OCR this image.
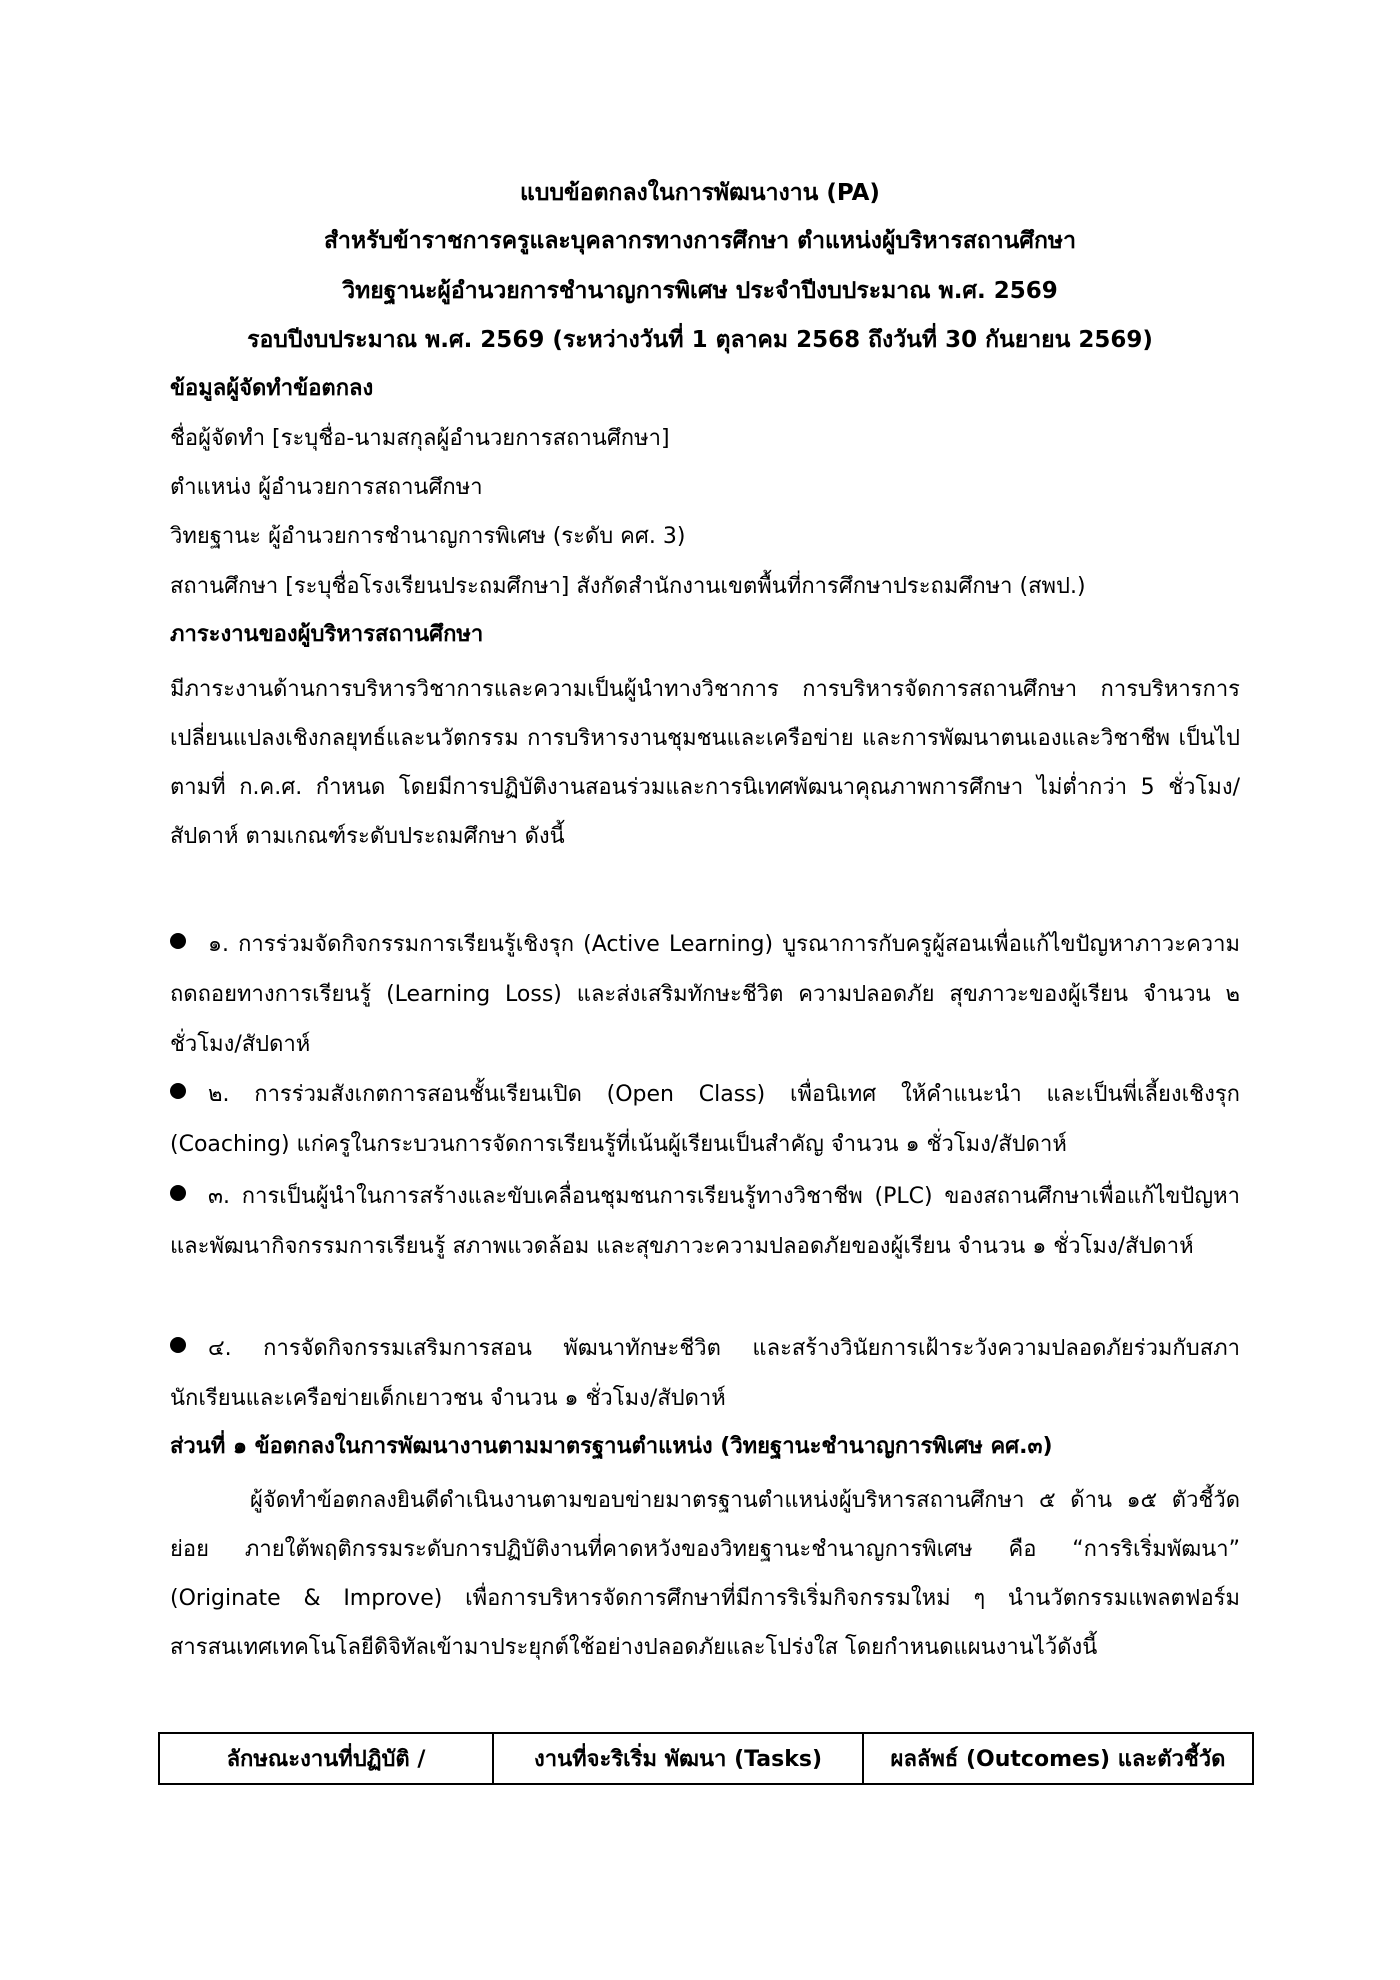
แบบข้อตกลงในการพัฒนางาน (PA)
สำหรับข้าราชการครูและบุคลากรทางการศึกษา ตำแหน่งผู้บริหารสถานศึกษา
วิทยฐานะผู้อำนวยการชำนาญการพิเศษ ประจำปีงบประมาณ พ.ศ. 2569
รอบปีงบประมาณ พ.ศ. 2569 (ระหว่างวันที่ 1 ตุลาคม 2568 ถึงวันที่ 30 กันยายน 2569)
ข้อมูลผู้จัดทำข้อตกลง
ชื่อผู้จัดทำ [ระบุชื่อ-นามสกุลผู้อำนวยการสถานศึกษา]
ตำแหน่ง ผู้อำนวยการสถานศึกษา
วิทยฐานะ ผู้อำนวยการชำนาญการพิเศษ (ระดับ คศ. 3)
สถานศึกษา [ระบุชื่อโรงเรียนประถมศึกษา] สังกัดสำนักงานเขตพื้นที่การศึกษาประถมศึกษา (สพป.)
ภาระงานของผู้บริหารสถานศึกษา
มีภาระงานด้านการบริหารวิชาการและความเป็นผู้นำทางวิชาการ การบริหารจัดการสถานศึกษา การบริหารการเปลี่ยนแปลงเชิงกลยุทธ์และนวัตกรรม การบริหารงานชุมชนและเครือข่าย และการพัฒนาตนเองและวิชาชีพ เป็นไปตามที่ ก.ค.ศ. กำหนด โดยมีการปฏิบัติงานสอนร่วมและการนิเทศพัฒนาคุณภาพการศึกษา ไม่ต่ำกว่า 5 ชั่วโมง/สัปดาห์ ตามเกณฑ์ระดับประถมศึกษา ดังนี้
๑. การร่วมจัดกิจกรรมการเรียนรู้เชิงรุก (Active Learning) บูรณาการกับครูผู้สอนเพื่อแก้ไขปัญหาภาวะความถดถอยทางการเรียนรู้ (Learning Loss) และส่งเสริมทักษะชีวิต ความปลอดภัย สุขภาวะของผู้เรียน จำนวน ๒ ชั่วโมง/สัปดาห์
๒. การร่วมสังเกตการสอนชั้นเรียนเปิด (Open Class) เพื่อนิเทศ ให้คำแนะนำ และเป็นพี่เลี้ยงเชิงรุก (Coaching) แก่ครูในกระบวนการจัดการเรียนรู้ที่เน้นผู้เรียนเป็นสำคัญ จำนวน ๑ ชั่วโมง/สัปดาห์
๓. การเป็นผู้นำในการสร้างและขับเคลื่อนชุมชนการเรียนรู้ทางวิชาชีพ (PLC) ของสถานศึกษาเพื่อแก้ไขปัญหาและพัฒนากิจกรรมการเรียนรู้ สภาพแวดล้อม และสุขภาวะความปลอดภัยของผู้เรียน จำนวน ๑ ชั่วโมง/สัปดาห์
๔. การจัดกิจกรรมเสริมการสอน พัฒนาทักษะชีวิต และสร้างวินัยการเฝ้าระวังความปลอดภัยร่วมกับสภานักเรียนและเครือข่ายเด็กเยาวชน จำนวน ๑ ชั่วโมง/สัปดาห์
ส่วนที่ ๑ ข้อตกลงในการพัฒนางานตามมาตรฐานตำแหน่ง (วิทยฐานะชำนาญการพิเศษ คศ.๓)
ผู้จัดทำข้อตกลงยินดีดำเนินงานตามขอบข่ายมาตรฐานตำแหน่งผู้บริหารสถานศึกษา ๕ ด้าน ๑๕ ตัวชี้วัดย่อย ภายใต้พฤติกรรมระดับการปฏิบัติงานที่คาดหวังของวิทยฐานะชำนาญการพิเศษ คือ “การริเริ่มพัฒนา” (Originate & Improve) เพื่อการบริหารจัดการศึกษาที่มีการริเริ่มกิจกรรมใหม่ ๆ นำนวัตกรรมแพลตฟอร์มสารสนเทศเทคโนโลยีดิจิทัลเข้ามาประยุกต์ใช้อย่างปลอดภัยและโปร่งใส โดยกำหนดแผนงานไว้ดังนี้
ลักษณะงานที่ปฏิบัติ /	งานที่จะริเริ่ม พัฒนา (Tasks)	ผลลัพธ์ (Outcomes) และตัวชี้วัด
